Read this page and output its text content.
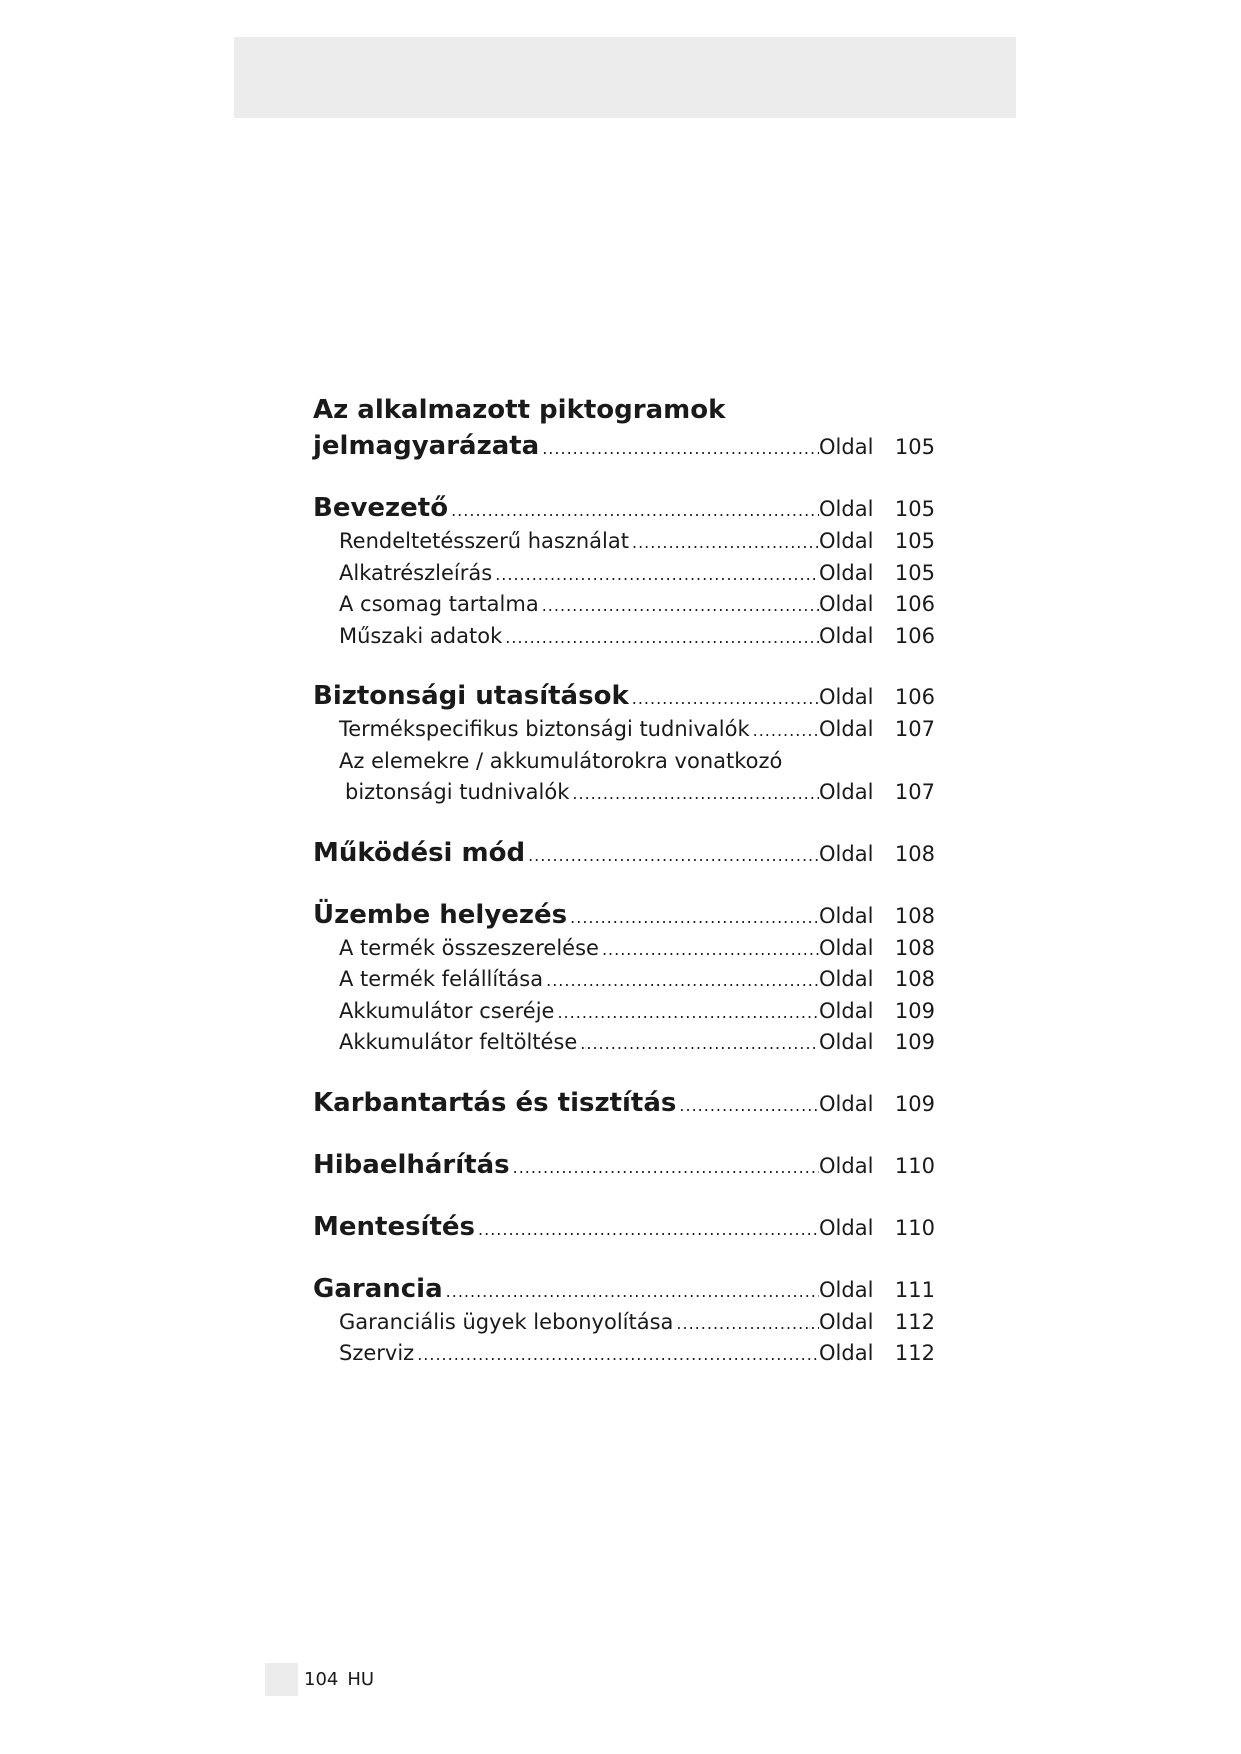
Az alkalmazott piktogramok
jelmagyarázata .....	Oldal	105
Bevezető .....	Oldal	105
Rendeltetésszerű használat .....	Oldal	105
Alkatrészleírás .....	Oldal	105
A csomag tartalma .....	Oldal	106
Műszaki adatok .....	Oldal	106
Biztonsági utasítások .....	Oldal	106
Termékspecifikus biztonsági tudnivalók .....	Oldal	107
Az elemekre / akkumulátorokra vonatkozó
biztonsági tudnivalók .....	Oldal	107
Működési mód .....	Oldal	108
Üzembe helyezés .....	Oldal	108
A termék összeszerelése .....	Oldal	108
A termék felállítása .....	Oldal	108
Akkumulátor cseréje .....	Oldal	109
Akkumulátor feltöltése .....	Oldal	109
Karbantartás és tisztítás .....	Oldal	109
Hibaelhárítás .....	Oldal	110
Mentesítés .....	Oldal	110
Garancia .....	Oldal	111
Garanciális ügyek lebonyolítása .....	Oldal	112
Szerviz .....	Oldal	112
104 HU
